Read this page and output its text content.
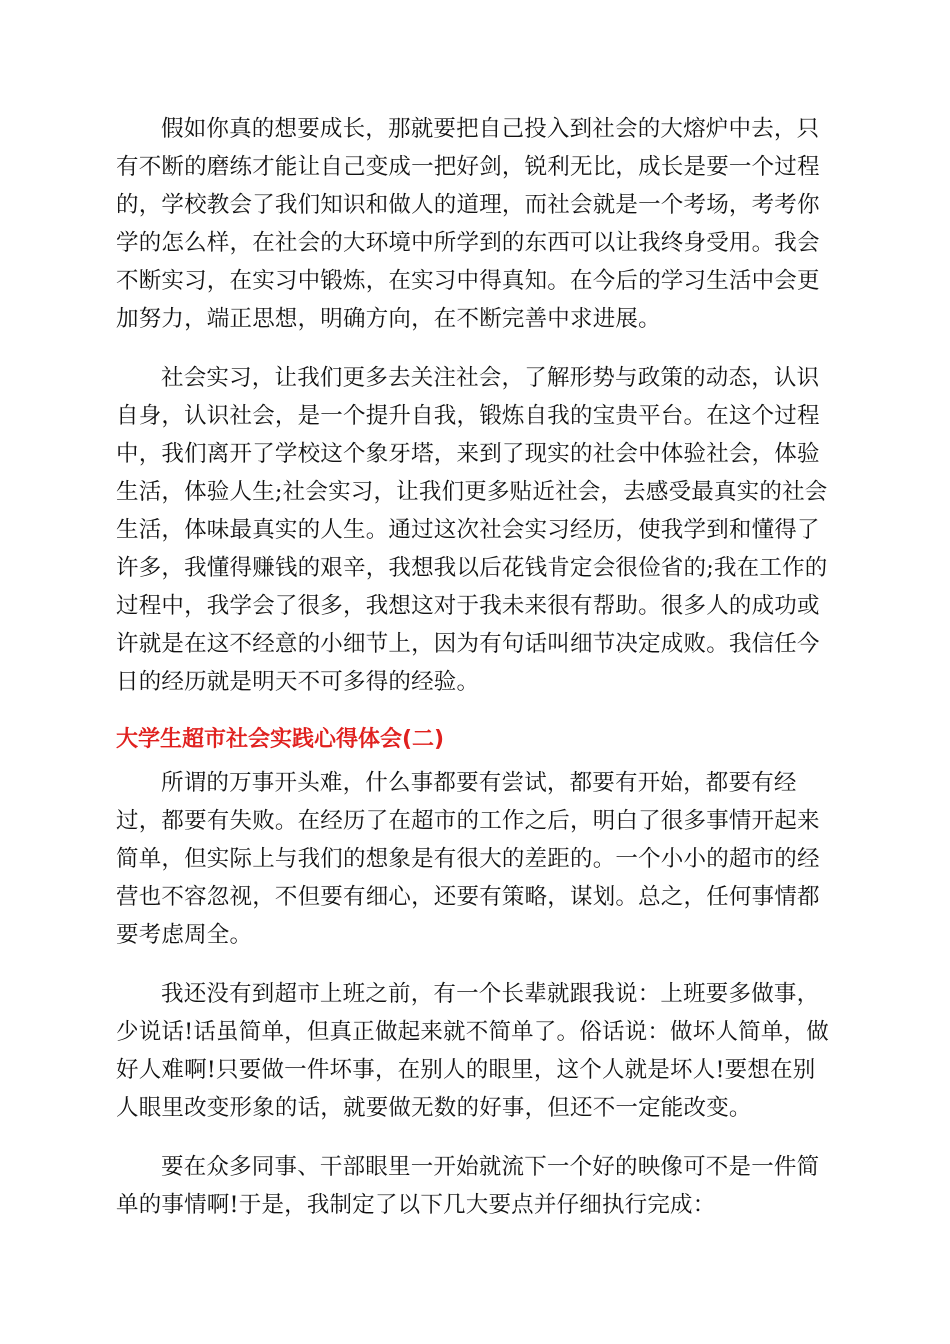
假如你真的想要成长，那就要把自己投入到社会的大熔炉中去，只有不断的磨练才能让自己变成一把好剑，锐利无比，成长是要一个过程的，学校教会了我们知识和做人的道理，而社会就是一个考场，考考你学的怎么样，在社会的大环境中所学到的东西可以让我终身受用。我会不断实习，在实习中锻炼，在实习中得真知。在今后的学习生活中会更加努力，端正思想，明确方向，在不断完善中求进展。

社会实习，让我们更多去关注社会，了解形势与政策的动态，认识自身，认识社会，是一个提升自我，锻炼自我的宝贵平台。在这个过程中，我们离开了学校这个象牙塔，来到了现实的社会中体验社会，体验生活，体验人生;社会实习，让我们更多贴近社会，去感受最真实的社会生活，体味最真实的人生。通过这次社会实习经历，使我学到和懂得了许多，我懂得赚钱的艰辛，我想我以后花钱肯定会很俭省的;我在工作的过程中，我学会了很多，我想这对于我未来很有帮助。很多人的成功或许就是在这不经意的小细节上，因为有句话叫细节决定成败。我信任今日的经历就是明天不可多得的经验。

大学生超市社会实践心得体会(二)

所谓的万事开头难，什么事都要有尝试，都要有开始，都要有经过，都要有失败。在经历了在超市的工作之后，明白了很多事情开起来简单，但实际上与我们的想象是有很大的差距的。一个小小的超市的经营也不容忽视，不但要有细心，还要有策略，谋划。总之，任何事情都要考虑周全。

我还没有到超市上班之前，有一个长辈就跟我说：上班要多做事，少说话!话虽简单，但真正做起来就不简单了。俗话说：做坏人简单，做好人难啊!只要做一件坏事，在别人的眼里，这个人就是坏人!要想在别人眼里改变形象的话，就要做无数的好事，但还不一定能改变。

要在众多同事、干部眼里一开始就流下一个好的映像可不是一件简单的事情啊!于是，我制定了以下几大要点并仔细执行完成：
